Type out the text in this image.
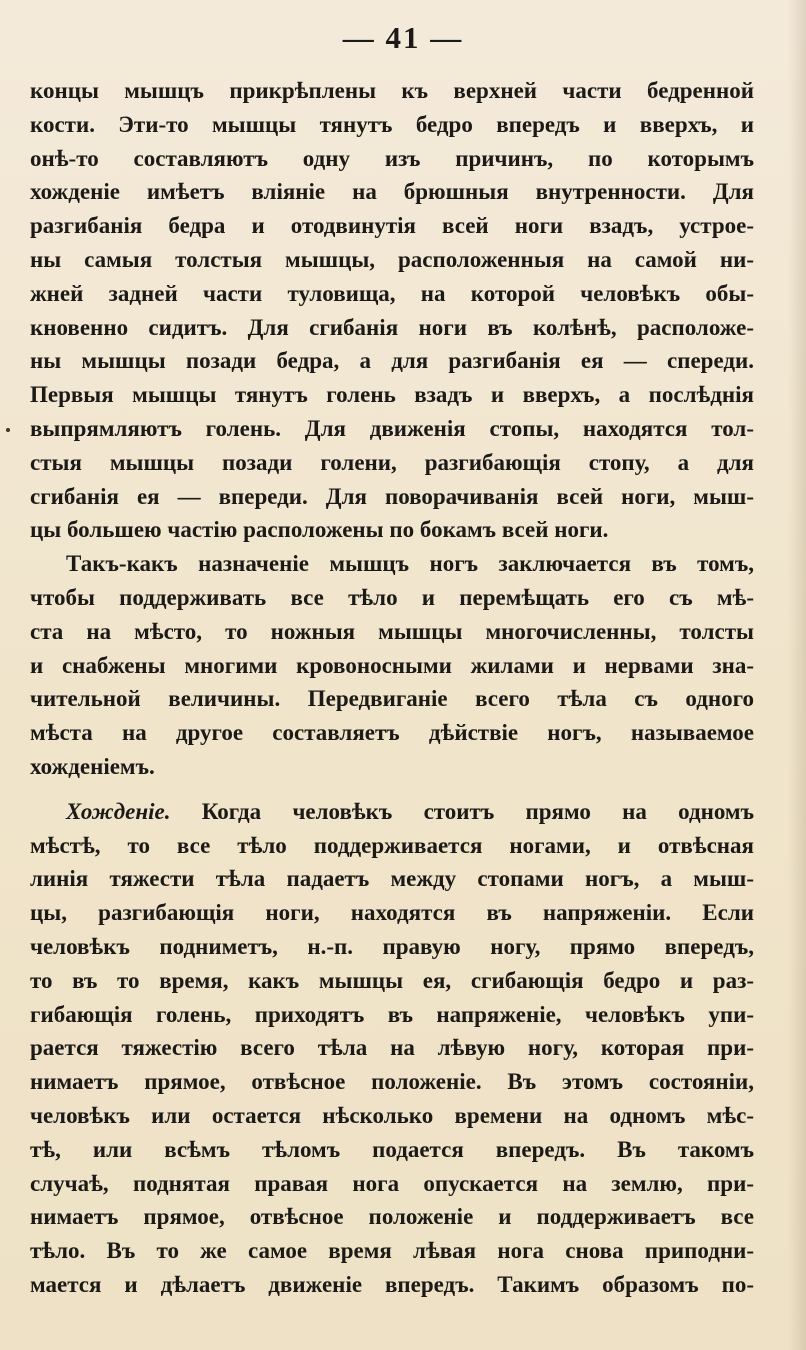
— 41 —
концы мышцъ прикрѣплены къ верхней части бедренной
кости. Эти-то мышцы тянутъ бедро впередъ и вверхъ, и
онѣ-то составляютъ одну изъ причинъ, по которымъ
хожденіе имѣетъ вліяніе на брюшныя внутренности. Для
разгибанія бедра и отодвинутія всей ноги взадъ, устрое-
ны самыя толстыя мышцы, расположенныя на самой ни-
жней задней части туловища, на которой человѣкъ обы-
кновенно сидитъ. Для сгибанія ноги въ колѣнѣ, расположе-
ны мышцы позади бедра, а для разгибанія ея — спереди.
Первыя мышцы тянутъ голень взадъ и вверхъ, а послѣднія
выпрямляютъ голень. Для движенія стопы, находятся тол-
стыя мышцы позади голени, разгибающія стопу, а для
сгибанія ея — впереди. Для поворачиванія всей ноги, мыш-
цы большею частію расположены по бокамъ всей ноги.
Такъ-какъ назначеніе мышцъ ногъ заключается въ томъ,
чтобы поддерживать все тѣло и перемѣщать его съ мѣ-
ста на мѣсто, то ножныя мышцы многочисленны, толсты
и снабжены многими кровоносными жилами и нервами зна-
чительной величины. Передвиганіе всего тѣла съ одного
мѣста на другое составляетъ дѣйствіе ногъ, называемое
хожденіемъ.
Хожденіе. Когда человѣкъ стоитъ прямо на одномъ
мѣстѣ, то все тѣло поддерживается ногами, и отвѣсная
линія тяжести тѣла падаетъ между стопами ногъ, а мыш-
цы, разгибающія ноги, находятся въ напряженіи. Если
человѣкъ подниметъ, н.-п. правую ногу, прямо впередъ,
то въ то время, какъ мышцы ея, сгибающія бедро и раз-
гибающія голень, приходятъ въ напряженіе, человѣкъ упи-
рается тяжестію всего тѣла на лѣвую ногу, которая при-
нимаетъ прямое, отвѣсное положеніе. Въ этомъ состояніи,
человѣкъ или остается нѣсколько времени на одномъ мѣс-
тѣ, или всѣмъ тѣломъ подается впередъ. Въ такомъ
случаѣ, поднятая правая нога опускается на землю, при-
нимаетъ прямое, отвѣсное положеніе и поддерживаетъ все
тѣло. Въ то же самое время лѣвая нога снова приподни-
мается и дѣлаетъ движеніе впередъ. Такимъ образомъ по-
